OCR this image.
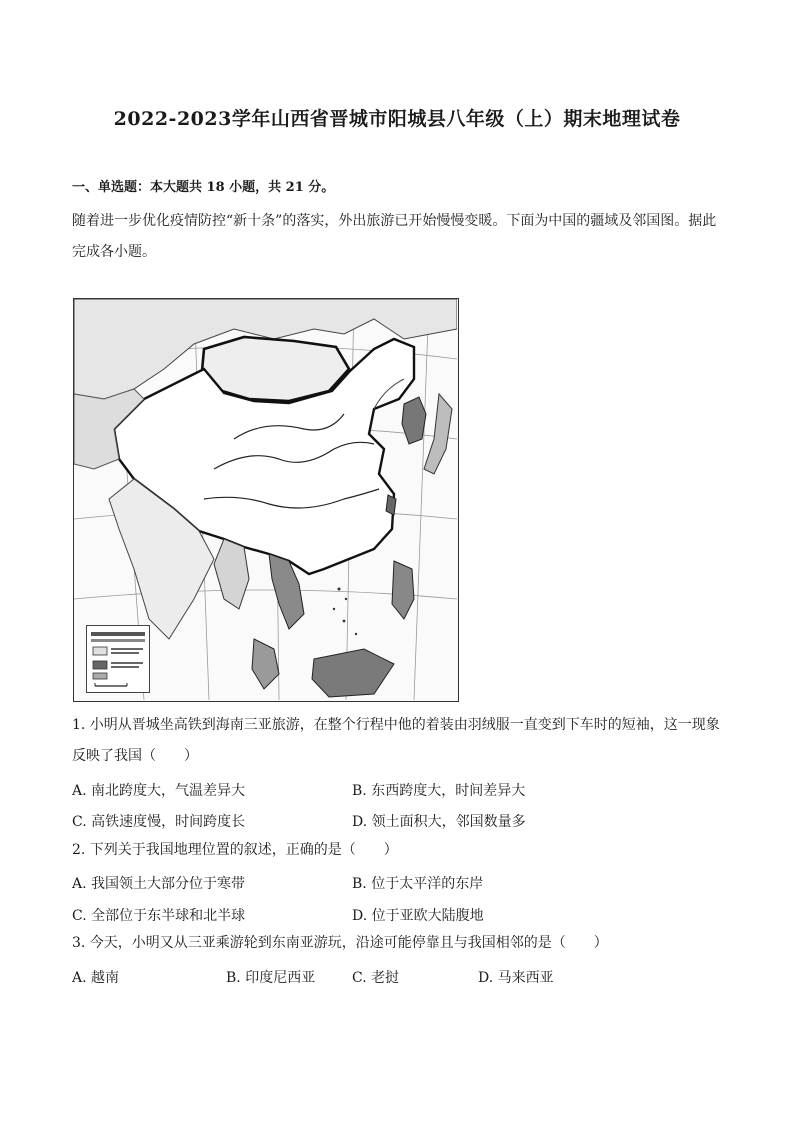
2022-2023学年山西省晋城市阳城县八年级（上）期末地理试卷
一、单选题：本大题共 18 小题，共 21 分。
随着进一步优化疫情防控“新十条”的落实，外出旅游已开始慢慢变暖。下面为中国的疆域及邻国图。据此完成各小题。
1. 小明从晋城坐高铁到海南三亚旅游，在整个行程中他的着装由羽绒服一直变到下车时的短袖，这一现象反映了我国（　　）
A. 南北跨度大，气温差异大	B. 东西跨度大，时间差异大
C. 高铁速度慢，时间跨度长	D. 领土面积大，邻国数量多
2. 下列关于我国地理位置的叙述，正确的是（　　）
A. 我国领土大部分位于寒带	B. 位于太平洋的东岸
C. 全部位于东半球和北半球	D. 位于亚欧大陆腹地
3. 今天，小明又从三亚乘游轮到东南亚游玩，沿途可能停靠且与我国相邻的是（　　）
A. 越南	B. 印度尼西亚	C. 老挝	D. 马来西亚
